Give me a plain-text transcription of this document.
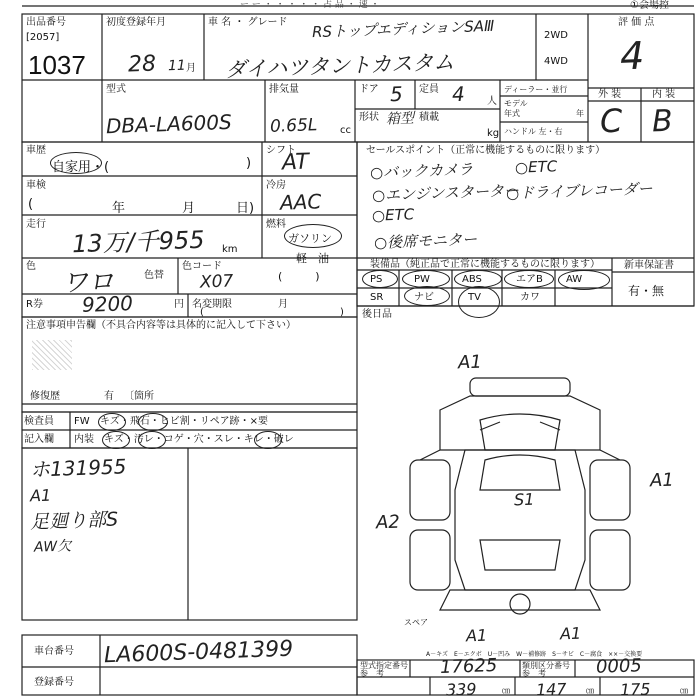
ー ー ・ ・ ・ ・ ・ 占 品 ・ 速 ・	①会場控
出品番号
[2057]
1037
初度登録年月
28 11 月
車 名 ・ グレード RSトップエディションSAⅢ
ダイハツタントカスタム
2WD
4WD
評 価 点
4
型式
DBA-LA600S
排気量
0.65L cc
ドア 5 定員 4 人
形状 箱型 積載
kg
ディーラー・並行
モデル
年式	年
ハンドル 左・右
外 装	内 装
C B
車歴
自家用・(	)
シフト
AT
車検
(	年	月	日)
冷房
AAC
走行
13万/千955 km
燃料
ガソリン
軽　油
(　　　)
色
ワロ	色替
色コード
X07
R券 9200	円 名変期限	月
(	)
セールスポイント（正常に機能するものに限ります）
○バックカメラ	○ETC
○エンジンスターター
○ドライブレコーダー
○ETC
○後席モニター
装備品（純正品で正常に機能するものに限ります） 新車保証書
有・無
PS	PW	ABS	エアB AW
SR	ナビ	TV	カワ
後日品
注意事項申告欄（不具合内容等は具体的に記入して下さい）
修復歴	有 〔箇所
検査員 FW キズ・飛石・ヒビ割・リペア跡・×要
記入欄 内装 キズ・汚レ・コゲ・穴・スレ・キレ・破レ
ホ131955
A1
足廻り部S
AW欠
A1
A1
A2
S1
A1	A1
スペア
A－キズ　E－エクボ　U－凹み　W－補修跡　S－サビ　C－腐食　××－交換要
車台番号 LA600S-0481399
登録番号
型式指定番号
参　考	17625	類別区分番号
参　考	0005
339	㎝ 147 ㎝ 175	㎝
